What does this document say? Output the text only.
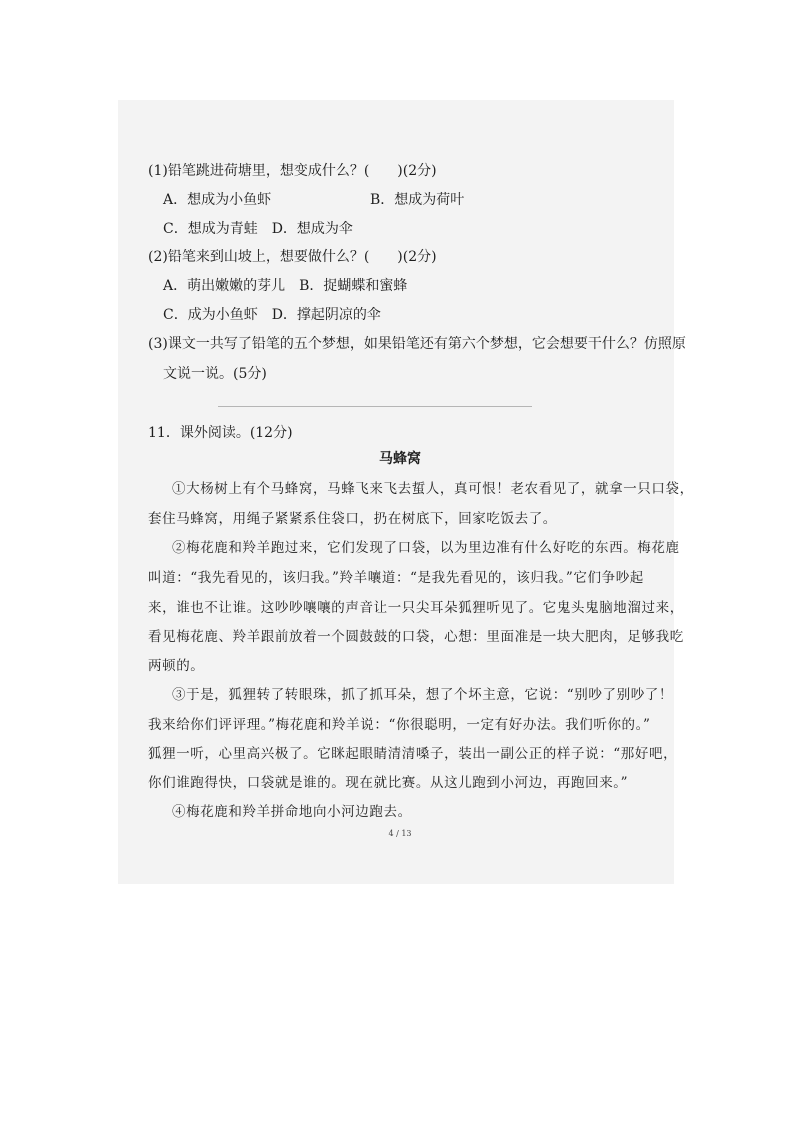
(1)铅笔跳进荷塘里，想变成什么？(　　)(2分)
A．想成为小鱼虾	B．想成为荷叶
C．想成为青蛙　D．想成为伞
(2)铅笔来到山坡上，想要做什么？(　　)(2分)
A．萌出嫩嫩的芽儿　B．捉蝴蝶和蜜蜂
C．成为小鱼虾　D．撑起阴凉的伞
(3)课文一共写了铅笔的五个梦想，如果铅笔还有第六个梦想，它会想要干什么？仿照原
文说一说。(5分)
11．课外阅读。(12分)
马蜂窝
①大杨树上有个马蜂窝，马蜂飞来飞去蜇人，真可恨！老农看见了，就拿一只口袋，
套住马蜂窝，用绳子紧紧系住袋口，扔在树底下，回家吃饭去了。
②梅花鹿和羚羊跑过来，它们发现了口袋，以为里边准有什么好吃的东西。梅花鹿
叫道：“我先看见的，该归我。”羚羊嚷道：“是我先看见的，该归我。”它们争吵起
来，谁也不让谁。这吵吵嚷嚷的声音让一只尖耳朵狐狸听见了。它鬼头鬼脑地溜过来，
看见梅花鹿、羚羊跟前放着一个圆鼓鼓的口袋，心想：里面准是一块大肥肉，足够我吃
两顿的。
③于是，狐狸转了转眼珠，抓了抓耳朵，想了个坏主意，它说：“别吵了别吵了！
我来给你们评评理。”梅花鹿和羚羊说：“你很聪明，一定有好办法。我们听你的。”
狐狸一听，心里高兴极了。它眯起眼睛清清嗓子，装出一副公正的样子说：“那好吧，
你们谁跑得快，口袋就是谁的。现在就比赛。从这儿跑到小河边，再跑回来。”
④梅花鹿和羚羊拼命地向小河边跑去。
4 / 13
